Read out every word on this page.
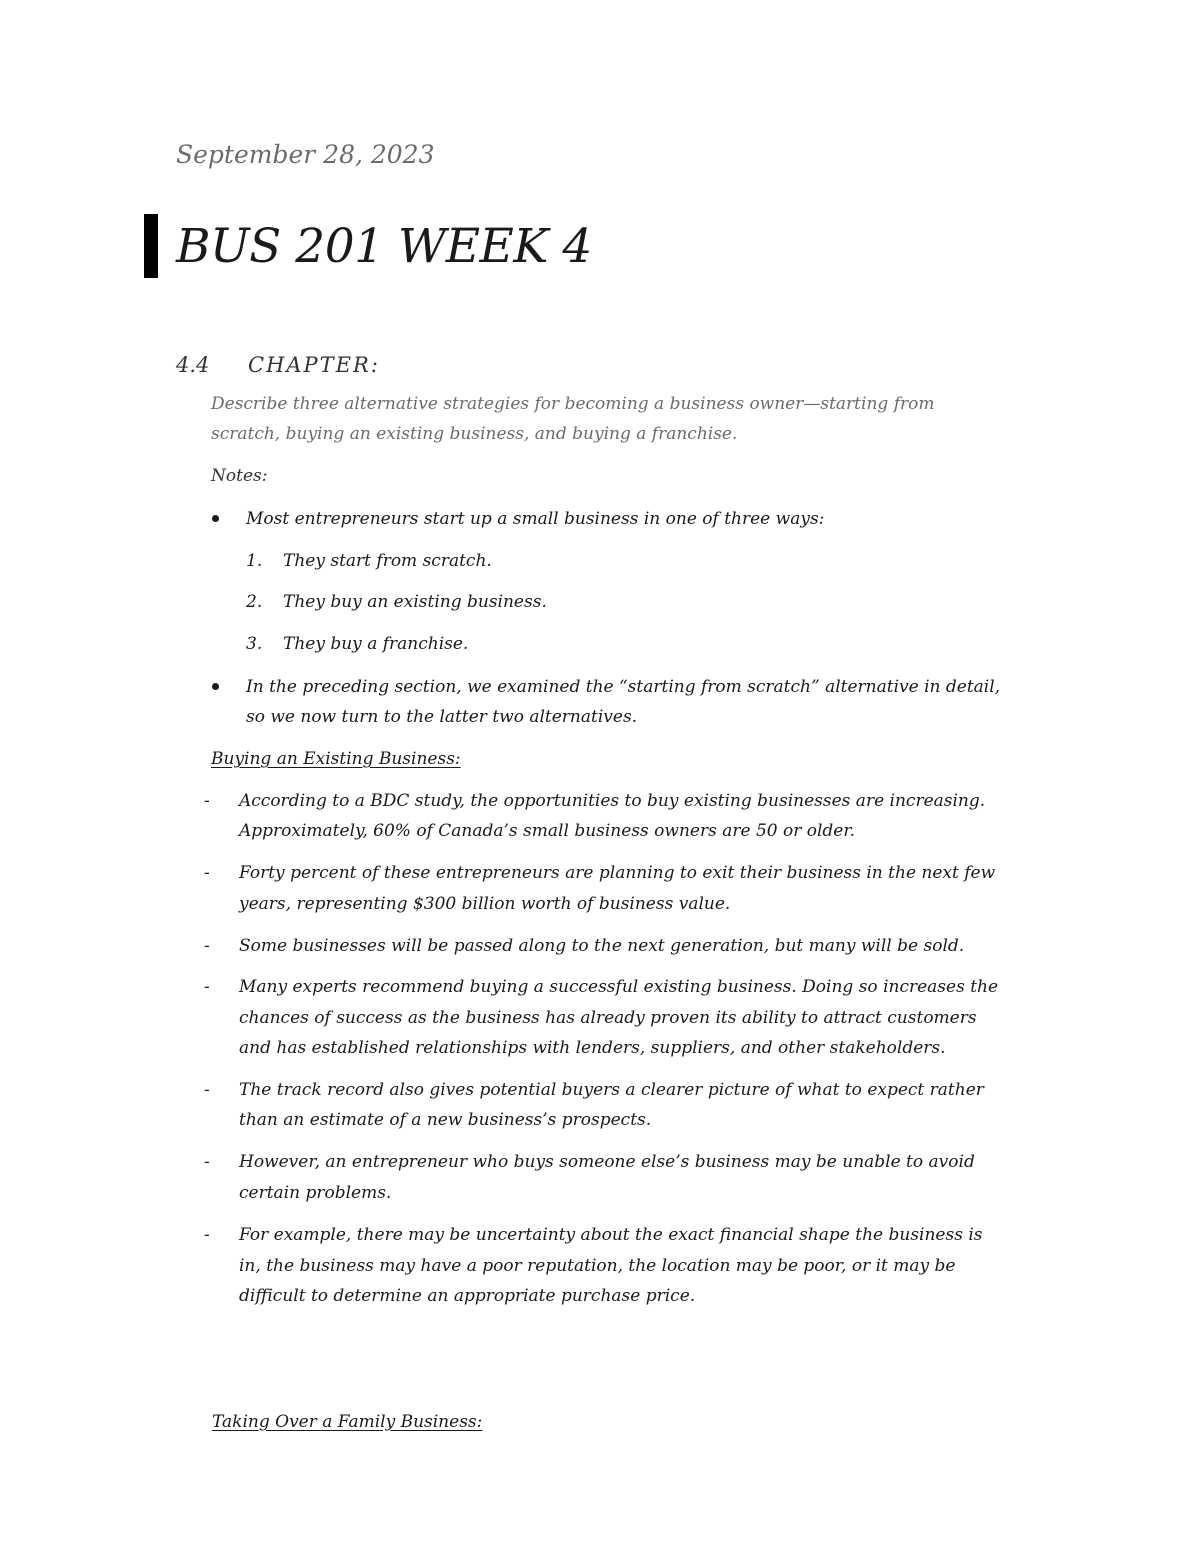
September 28, 2023
BUS 201 WEEK 4
4.4 CHAPTER:
Describe three alternative strategies for becoming a business owner—starting from
scratch, buying an existing business, and buying a franchise.
Notes:
Most entrepreneurs start up a small business in one of three ways:
1. They start from scratch.
2. They buy an existing business.
3. They buy a franchise.
In the preceding section, we examined the “starting from scratch” alternative in detail,
so we now turn to the latter two alternatives.
Buying an Existing Business:
- According to a BDC study, the opportunities to buy existing businesses are increasing.
Approximately, 60% of Canada’s small business owners are 50 or older.
- Forty percent of these entrepreneurs are planning to exit their business in the next few
years, representing $300 billion worth of business value.
- Some businesses will be passed along to the next generation, but many will be sold.
- Many experts recommend buying a successful existing business. Doing so increases the
chances of success as the business has already proven its ability to attract customers
and has established relationships with lenders, suppliers, and other stakeholders.
- The track record also gives potential buyers a clearer picture of what to expect rather
than an estimate of a new business’s prospects.
- However, an entrepreneur who buys someone else’s business may be unable to avoid
certain problems.
- For example, there may be uncertainty about the exact financial shape the business is
in, the business may have a poor reputation, the location may be poor, or it may be
difficult to determine an appropriate purchase price.
Taking Over a Family Business:
